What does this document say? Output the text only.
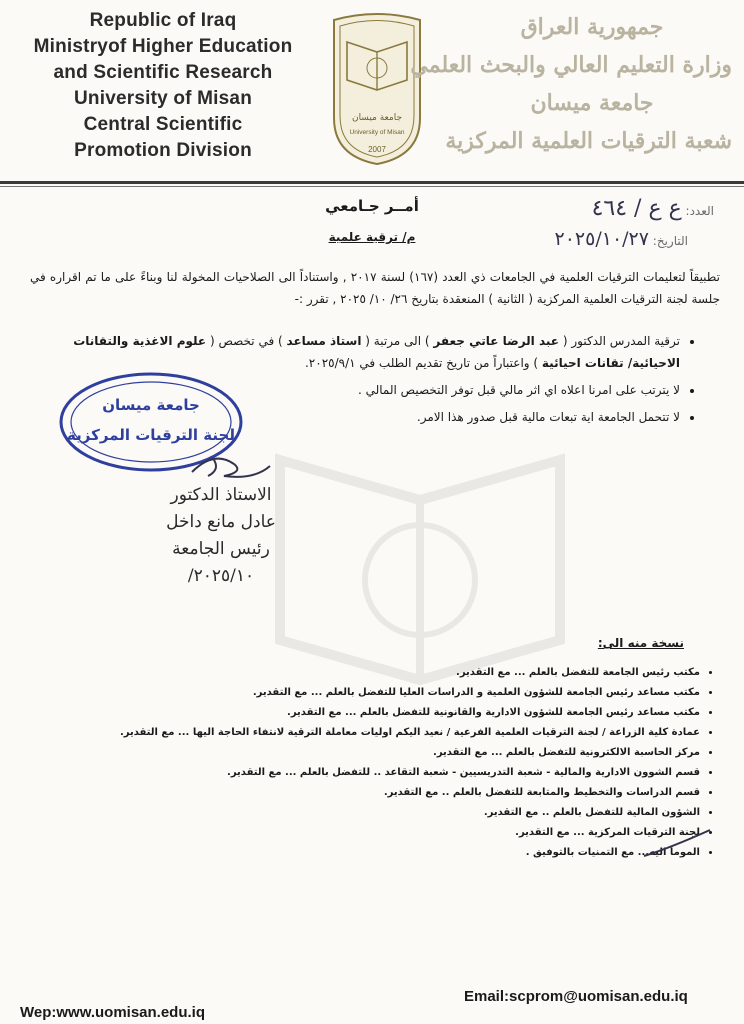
Republic of Iraq
Ministryof Higher Education
and Scientific Research
University of Misan
Central Scientific
Promotion Division
جامعة ميسان
University of Misan
2007
جمهورية العراق
وزارة التعليم العالي والبحث العلمي
جامعة ميسان
شعبة الترقيات العلمية المركزية
العدد: ع ع / ٤٦٤
التاريخ: ٢٠٢٥/١٠/٢٧
أمــر جـامعي
م/ ترقية علمية
تطبيقاً لتعليمات الترقيات العلمية في الجامعات ذي العدد (١٦٧) لسنة ٢٠١٧ , واستناداً الى الصلاحيات المخولة لنا وبناءً على ما تم اقراره في جلسة لجنة الترقيات العلمية المركزية ( الثانية ) المنعقدة بتاريخ ٢٦/ ١٠/ ٢٠٢٥ , تقرر :-
• ترقية المدرس الدكتور ( عبد الرضا عاتي جعفر ) الى مرتبة ( استاذ مساعد ) في تخصص ( علوم الاغذية والتقانات الاحيائية/ تقانات احيائية ) واعتباراً من تاريخ تقديم الطلب في ٢٠٢٥/٩/١.
• لا يترتب على امرنا اعلاه اي اثر مالي قبل توفر التخصيص المالي .
• لا تتحمل الجامعة اية تبعات مالية قبل صدور هذا الامر.
جامعة ميسان
لجنة الترقيات المركزية
الاستاذ الدكتور
عادل مانع داخل
رئيس الجامعة
٢٠٢٥/١٠/
نسخة منه الى:
• مكتب رئيس الجامعة للتفضل بالعلم ... مع التقدير.
• مكتب مساعد رئيس الجامعة للشؤون العلمية و الدراسات العليا للتفضل بالعلم ... مع التقدير.
• مكتب مساعد رئيس الجامعة للشؤون الادارية والقانونية للتفضل بالعلم ... مع التقدير.
• عمادة كلية الزراعة / لجنة الترقيات العلمية الفرعية / نعيد اليكم اوليات معاملة الترقية لانتفاء الحاجة اليها ... مع التقدير.
• مركز الحاسبة الالكترونية للتفضل بالعلم ... مع التقدير.
• قسم الشوون الادارية والمالية - شعبة التدريسيين - شعبة التقاعد .. للتفضل بالعلم ... مع التقدير.
• قسم الدراسات والتخطيط والمتابعة للتفضل بالعلم .. مع التقدير.
• الشؤون المالية للتفضل بالعلم .. مع التقدير.
• لجنة الترقيات المركزية ... مع التقدير.
• الموما اليه... مع التمنيات بالتوفيق .
Wep:www.uomisan.edu.iq
Email:scprom@uomisan.edu.iq
